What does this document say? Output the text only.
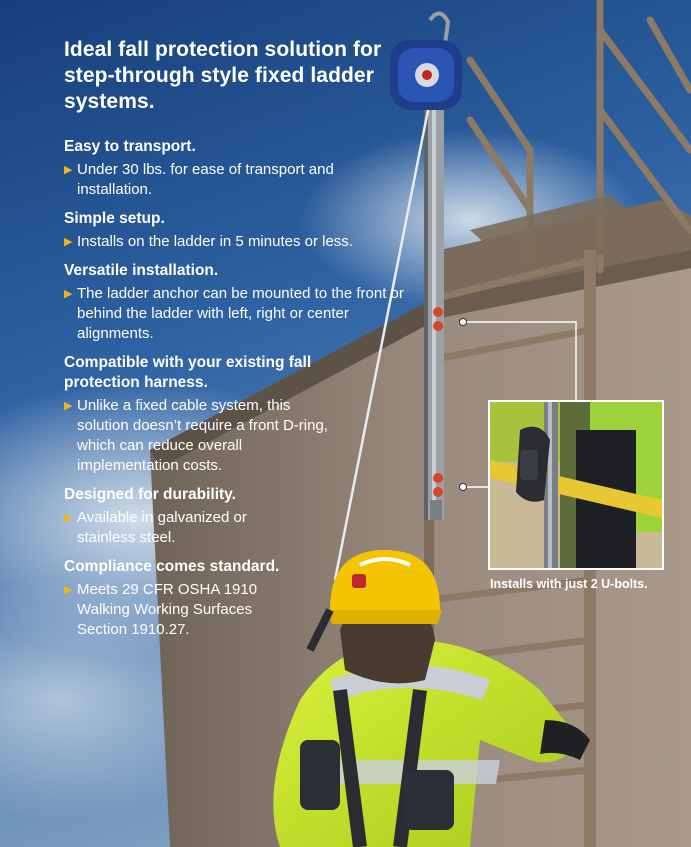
Ideal fall protection solution for step-through style fixed ladder systems.
Easy to transport.

▶ Under 30 lbs. for ease of transport and installation.

Simple setup.

▶ Installs on the ladder in 5 minutes or less.

Versatile installation.

▶ The ladder anchor can be mounted to the front or behind the ladder with left, right or center alignments.

Compatible with your existing fall protection harness.

▶ Unlike a fixed cable system, this solution doesn’t require a front D-ring, which can reduce overall implementation costs.

Designed for durability.

▶ Available in galvanized or stainless steel.

Compliance comes standard.

▶ Meets 29 CFR OSHA 1910 Walking Working Surfaces Section 1910.27.

Installs with just 2 U-bolts.
